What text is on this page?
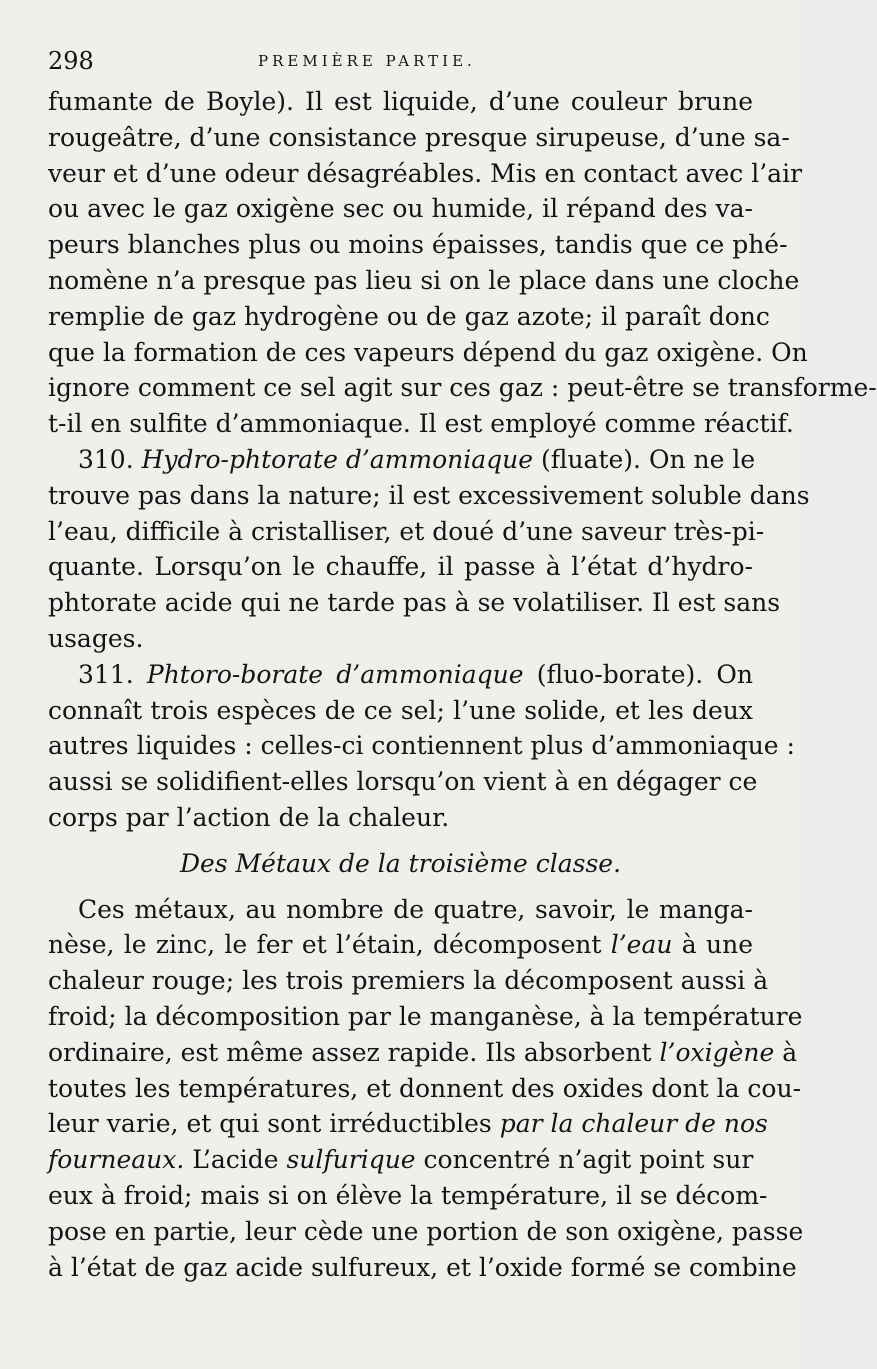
298	PREMIÈRE PARTIE.
fumante de Boyle). Il est liquide, d’une couleur brune
rougeâtre, d’une consistance presque sirupeuse, d’une sa-
veur et d’une odeur désagréables. Mis en contact avec l’air
ou avec le gaz oxigène sec ou humide, il répand des va-
peurs blanches plus ou moins épaisses, tandis que ce phé-
nomène n’a presque pas lieu si on le place dans une cloche
remplie de gaz hydrogène ou de gaz azote; il paraît donc
que la formation de ces vapeurs dépend du gaz oxigène. On
ignore comment ce sel agit sur ces gaz : peut-être se transforme-
t-il en sulfite d’ammoniaque. Il est employé comme réactif.
310. Hydro-phtorate d’ammoniaque (fluate). On ne le
trouve pas dans la nature; il est excessivement soluble dans
l’eau, difficile à cristalliser, et doué d’une saveur très-pi-
quante. Lorsqu’on le chauffe, il passe à l’état d’hydro-
phtorate acide qui ne tarde pas à se volatiliser. Il est sans
usages.
311. Phtoro-borate d’ammoniaque (fluo-borate). On
connaît trois espèces de ce sel; l’une solide, et les deux
autres liquides : celles-ci contiennent plus d’ammoniaque :
aussi se solidifient-elles lorsqu’on vient à en dégager ce
corps par l’action de la chaleur.
Des Métaux de la troisième classe.
Ces métaux, au nombre de quatre, savoir, le manga-
nèse, le zinc, le fer et l’étain, décomposent l’eau à une
chaleur rouge; les trois premiers la décomposent aussi à
froid; la décomposition par le manganèse, à la température
ordinaire, est même assez rapide. Ils absorbent l’oxigène à
toutes les températures, et donnent des oxides dont la cou-
leur varie, et qui sont irréductibles par la chaleur de nos
fourneaux. L’acide sulfurique concentré n’agit point sur
eux à froid; mais si on élève la température, il se décom-
pose en partie, leur cède une portion de son oxigène, passe
à l’état de gaz acide sulfureux, et l’oxide formé se combine
